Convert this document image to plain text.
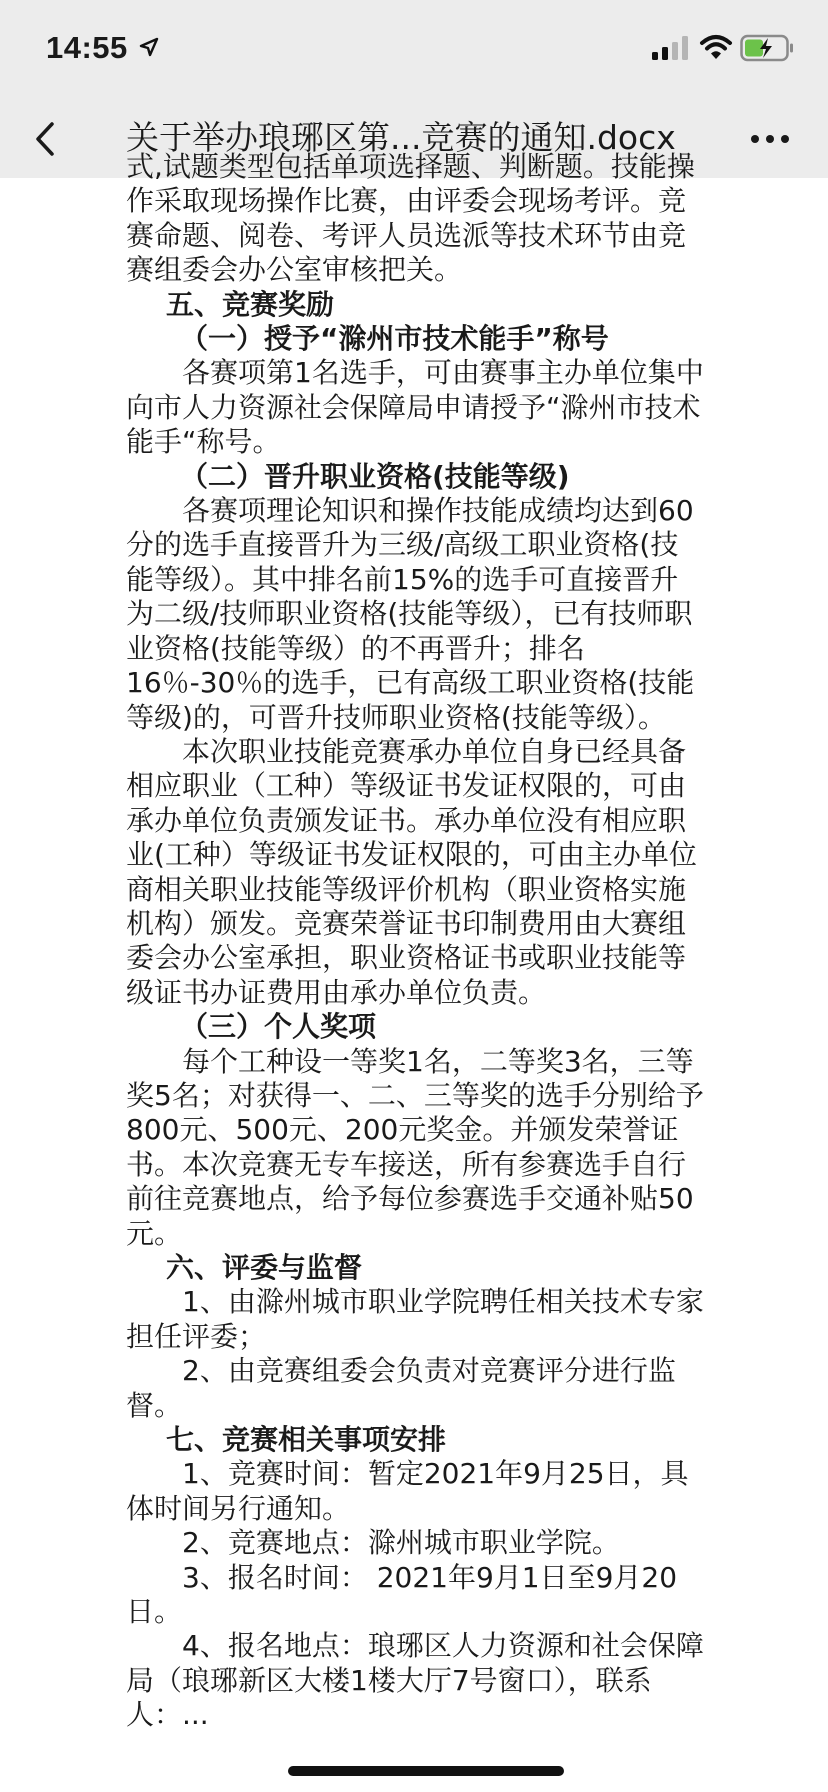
14:55
关于举办琅琊区第...竞赛的通知.docx

式,试题类型包括单项选择题、判断题。技能操作采取现场操作比赛，由评委会现场考评。竞赛命题、阅卷、考评人员选派等技术环节由竞赛组委会办公室审核把关。

五、竞赛奖励

（一）授予“滁州市技术能手”称号

各赛项第1名选手，可由赛事主办单位集中向市人力资源社会保障局申请授予“滁州市技术能手“称号。

（二）晋升职业资格(技能等级)

各赛项理论知识和操作技能成绩均达到60分的选手直接晋升为三级/高级工职业资格(技能等级）。其中排名前15%的选手可直接晋升为二级/技师职业资格(技能等级），已有技师职业资格(技能等级）的不再晋升；排名16％-30％的选手，已有高级工职业资格(技能等级)的，可晋升技师职业资格(技能等级）。

本次职业技能竞赛承办单位自身已经具备相应职业（工种）等级证书发证权限的，可由承办单位负责颁发证书。承办单位没有相应职业(工种）等级证书发证权限的，可由主办单位商相关职业技能等级评价机构（职业资格实施机构）颁发。竞赛荣誉证书印制费用由大赛组委会办公室承担，职业资格证书或职业技能等级证书办证费用由承办单位负责。

（三）个人奖项

每个工种设一等奖1名，二等奖3名，三等奖5名；对获得一、二、三等奖的选手分别给予800元、500元、200元奖金。并颁发荣誉证书。本次竞赛无专车接送，所有参赛选手自行前往竞赛地点，给予每位参赛选手交通补贴50元。

六、评委与监督

1、由滁州城市职业学院聘任相关技术专家担任评委；

2、由竞赛组委会负责对竞赛评分进行监督。

七、竞赛相关事项安排

1、竞赛时间：暂定2021年9月25日，具体时间另行通知。

2、竞赛地点：滁州城市职业学院。

3、报名时间： 2021年9月1日至9月20日。

4、报名地点：琅琊区人力资源和社会保障局（琅琊新区大楼1楼大厅7号窗口），联系人：...
